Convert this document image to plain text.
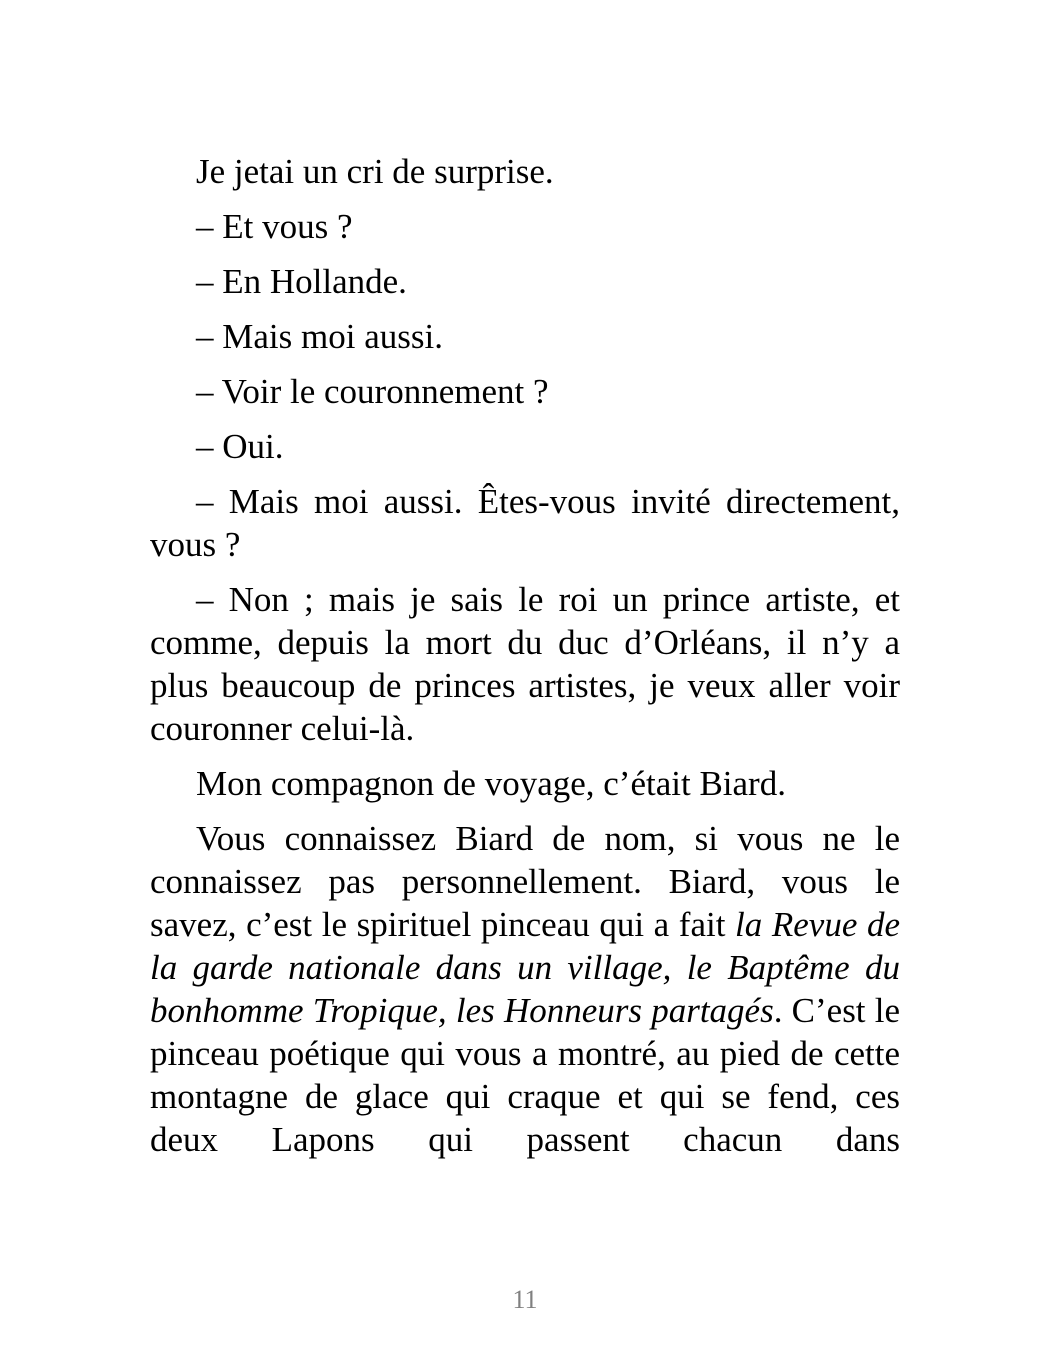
Je jetai un cri de surprise.

– Et vous ?

– En Hollande.

– Mais moi aussi.

– Voir le couronnement ?

– Oui.

– Mais moi aussi. Êtes-vous invité directement, vous ?

– Non ; mais je sais le roi un prince artiste, et comme, depuis la mort du duc d’Orléans, il n’y a plus beaucoup de princes artistes, je veux aller voir couronner celui-là.

Mon compagnon de voyage, c’était Biard.

Vous connaissez Biard de nom, si vous ne le connaissez pas personnellement. Biard, vous le savez, c’est le spirituel pinceau qui a fait la Revue de la garde nationale dans un village, le Baptême du bonhomme Tropique, les Honneurs partagés. C’est le pinceau poétique qui vous a montré, au pied de cette montagne de glace qui craque et qui se fend, ces deux Lapons qui passent chacun dans

11
